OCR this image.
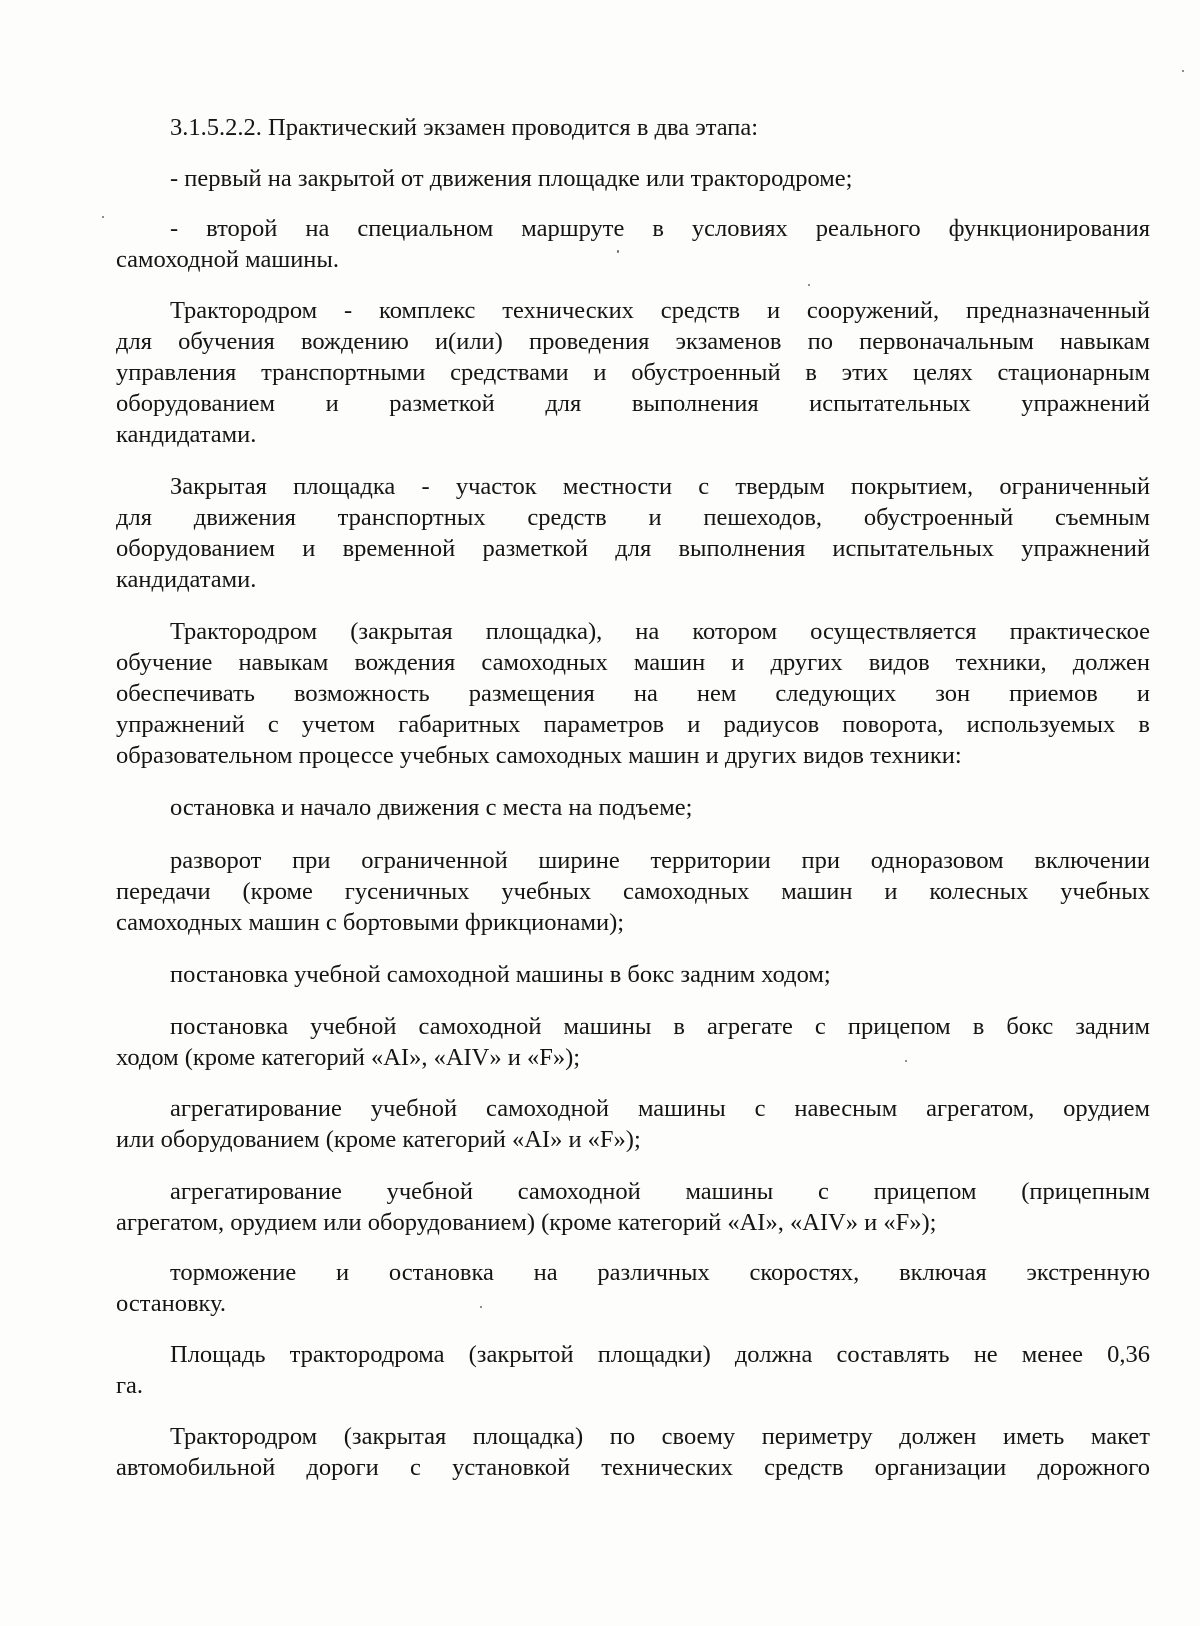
3.1.5.2.2. Практический экзамен проводится в два этапа:
- первый на закрытой от движения площадке или трактородроме;
- второй на специальном маршруте в условиях реального функционирования
самоходной машины.
Трактородром - комплекс технических средств и сооружений, предназначенный
для обучения вождению и(или) проведения экзаменов по первоначальным навыкам
управления транспортными средствами и обустроенный в этих целях стационарным
оборудованием и разметкой для выполнения испытательных упражнений
кандидатами.
Закрытая площадка - участок местности с твердым покрытием, ограниченный
для движения транспортных средств и пешеходов, обустроенный съемным
оборудованием и временной разметкой для выполнения испытательных упражнений
кандидатами.
Трактородром (закрытая площадка), на котором осуществляется практическое
обучение навыкам вождения самоходных машин и других видов техники, должен
обеспечивать возможность размещения на нем следующих зон приемов и
упражнений с учетом габаритных параметров и радиусов поворота, используемых в
образовательном процессе учебных самоходных машин и других видов техники:
остановка и начало движения с места на подъеме;
разворот при ограниченной ширине территории при одноразовом включении
передачи (кроме гусеничных учебных самоходных машин и колесных учебных
самоходных машин с бортовыми фрикционами);
постановка учебной самоходной машины в бокс задним ходом;
постановка учебной самоходной машины в агрегате с прицепом в бокс задним
ходом (кроме категорий «AI», «AIV» и «F»);
агрегатирование учебной самоходной машины с навесным агрегатом, орудием
или оборудованием (кроме категорий «AI» и «F»);
агрегатирование учебной самоходной машины с прицепом (прицепным
агрегатом, орудием или оборудованием) (кроме категорий «AI», «AIV» и «F»);
торможение и остановка на различных скоростях, включая экстренную
остановку.
Площадь трактородрома (закрытой площадки) должна составлять не менее 0,36
га.
Трактородром (закрытая площадка) по своему периметру должен иметь макет
автомобильной дороги с установкой технических средств организации дорожного
